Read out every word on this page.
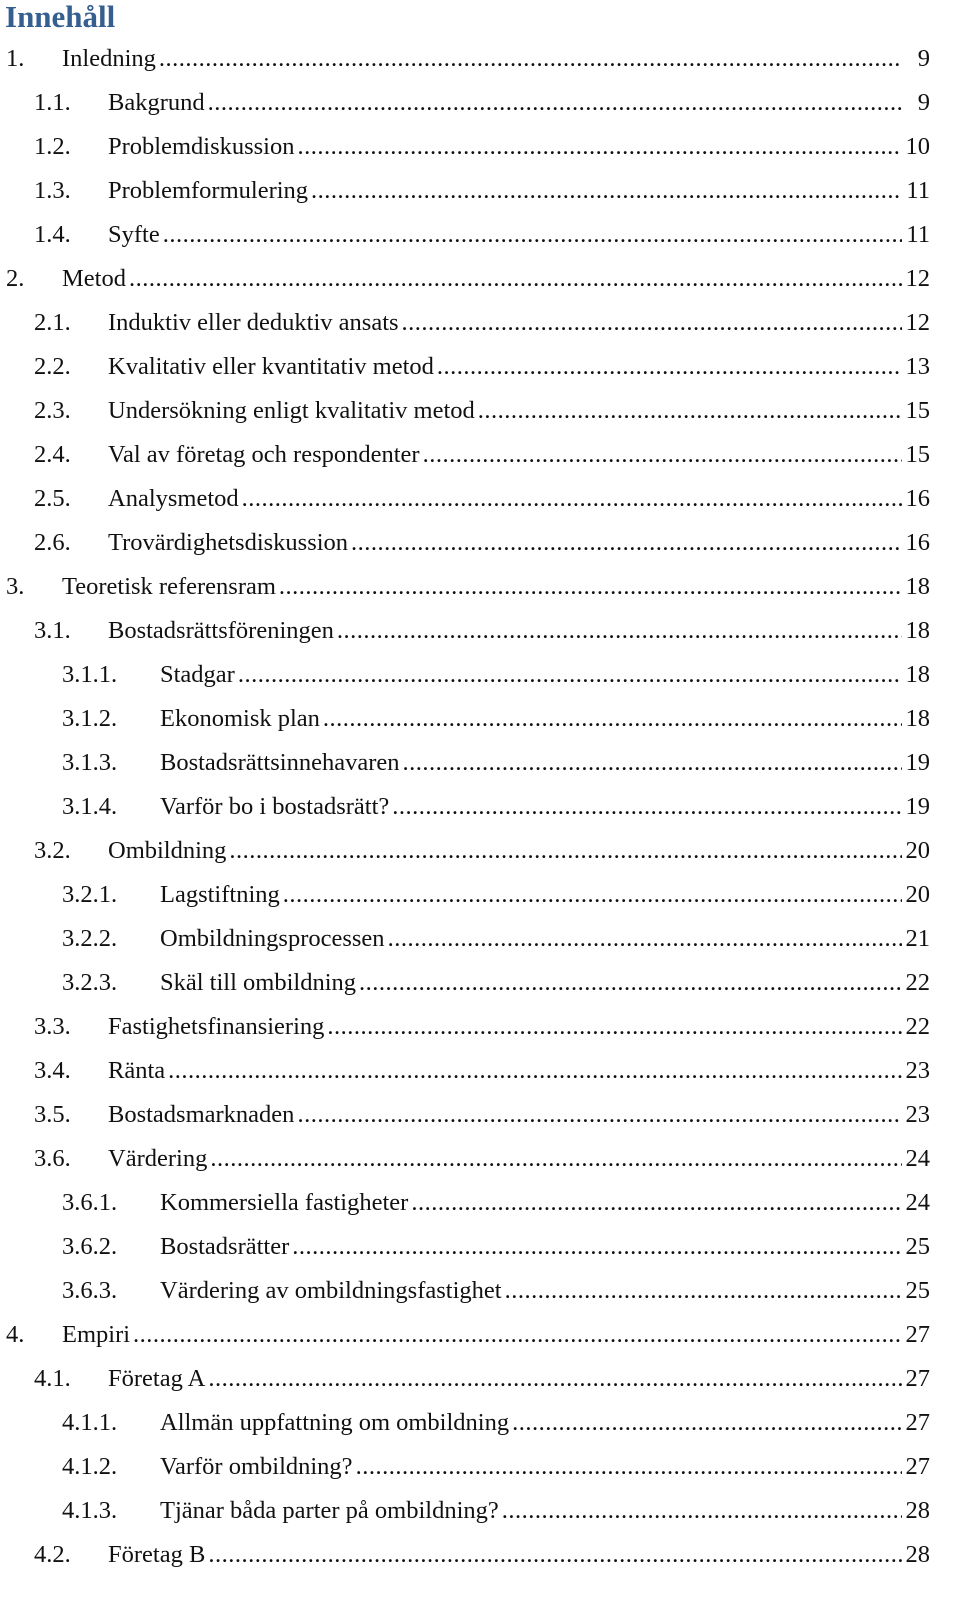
Innehåll
1. Inledning .....	9
1.1. Bakgrund .....	9
1.2. Problemdiskussion .....	10
1.3. Problemformulering .....	11
1.4. Syfte .....	11
2. Metod .....	12
2.1. Induktiv eller deduktiv ansats .....	12
2.2. Kvalitativ eller kvantitativ metod .....	13
2.3. Undersökning enligt kvalitativ metod .....	15
2.4. Val av företag och respondenter .....	15
2.5. Analysmetod .....	16
2.6. Trovärdighetsdiskussion .....	16
3. Teoretisk referensram .....	18
3.1. Bostadsrättsföreningen .....	18
3.1.1. Stadgar .....	18
3.1.2. Ekonomisk plan .....	18
3.1.3. Bostadsrättsinnehavaren .....	19
3.1.4. Varför bo i bostadsrätt? .....	19
3.2. Ombildning .....	20
3.2.1. Lagstiftning .....	20
3.2.2. Ombildningsprocessen .....	21
3.2.3. Skäl till ombildning .....	22
3.3. Fastighetsfinansiering .....	22
3.4. Ränta .....	23
3.5. Bostadsmarknaden .....	23
3.6. Värdering .....	24
3.6.1. Kommersiella fastigheter .....	24
3.6.2. Bostadsrätter .....	25
3.6.3. Värdering av ombildningsfastighet .....	25
4. Empiri .....	27
4.1. Företag A .....	27
4.1.1. Allmän uppfattning om ombildning .....	27
4.1.2. Varför ombildning? .....	27
4.1.3. Tjänar båda parter på ombildning? .....	28
4.2. Företag B .....	28
